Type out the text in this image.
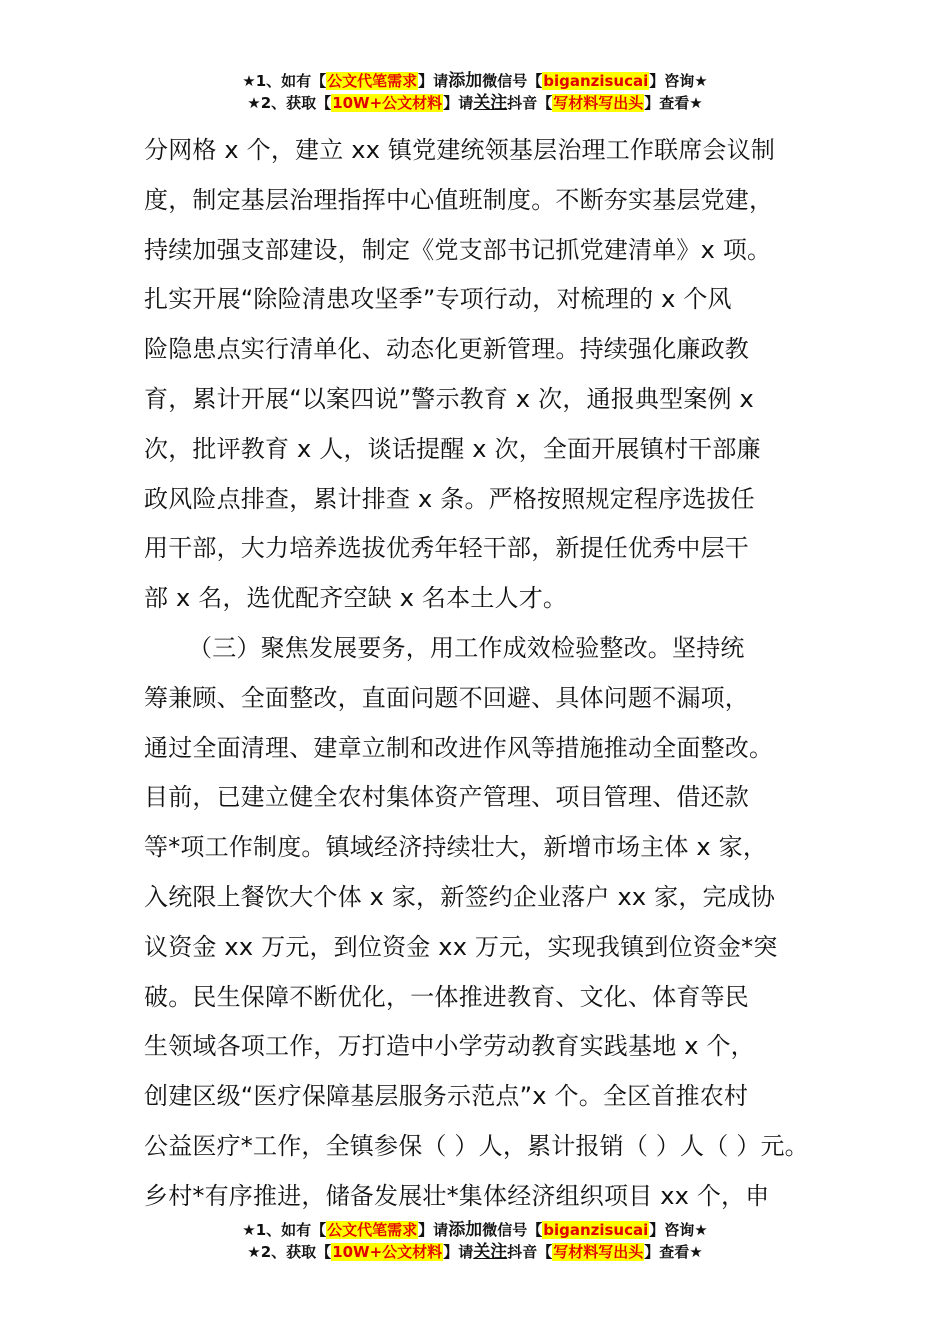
★1、如有【公文代笔需求】请添加微信号【biganzisucai】咨询★
★2、获取【10W+公文材料】请关注抖音【写材料写出头】查看★
分网格 x 个，建立 xx 镇党建统领基层治理工作联席会议制
度，制定基层治理指挥中心值班制度。不断夯实基层党建，
持续加强支部建设，制定《党支部书记抓党建清单》x 项。
扎实开展“除险清患攻坚季”专项行动，对梳理的 x 个风
险隐患点实行清单化、动态化更新管理。持续强化廉政教
育，累计开展“以案四说”警示教育 x 次，通报典型案例 x
次，批评教育 x 人，谈话提醒 x 次，全面开展镇村干部廉
政风险点排查，累计排查 x 条。严格按照规定程序选拔任
用干部，大力培养选拔优秀年轻干部，新提任优秀中层干
部 x 名，选优配齐空缺 x 名本土人才。
（三）聚焦发展要务，用工作成效检验整改。坚持统
筹兼顾、全面整改，直面问题不回避、具体问题不漏项，
通过全面清理、建章立制和改进作风等措施推动全面整改。
目前，已建立健全农村集体资产管理、项目管理、借还款
等*项工作制度。镇域经济持续壮大，新增市场主体 x 家，
入统限上餐饮大个体 x 家，新签约企业落户 xx 家，完成协
议资金 xx 万元，到位资金 xx 万元，实现我镇到位资金*突
破。民生保障不断优化，一体推进教育、文化、体育等民
生领域各项工作，万打造中小学劳动教育实践基地 x 个，
创建区级“医疗保障基层服务示范点”x 个。全区首推农村
公益医疗*工作，全镇参保（ ）人，累计报销（ ）人（ ）元。
乡村*有序推进，储备发展壮*集体经济组织项目 xx 个，申
★1、如有【公文代笔需求】请添加微信号【biganzisucai】咨询★
★2、获取【10W+公文材料】请关注抖音【写材料写出头】查看★
